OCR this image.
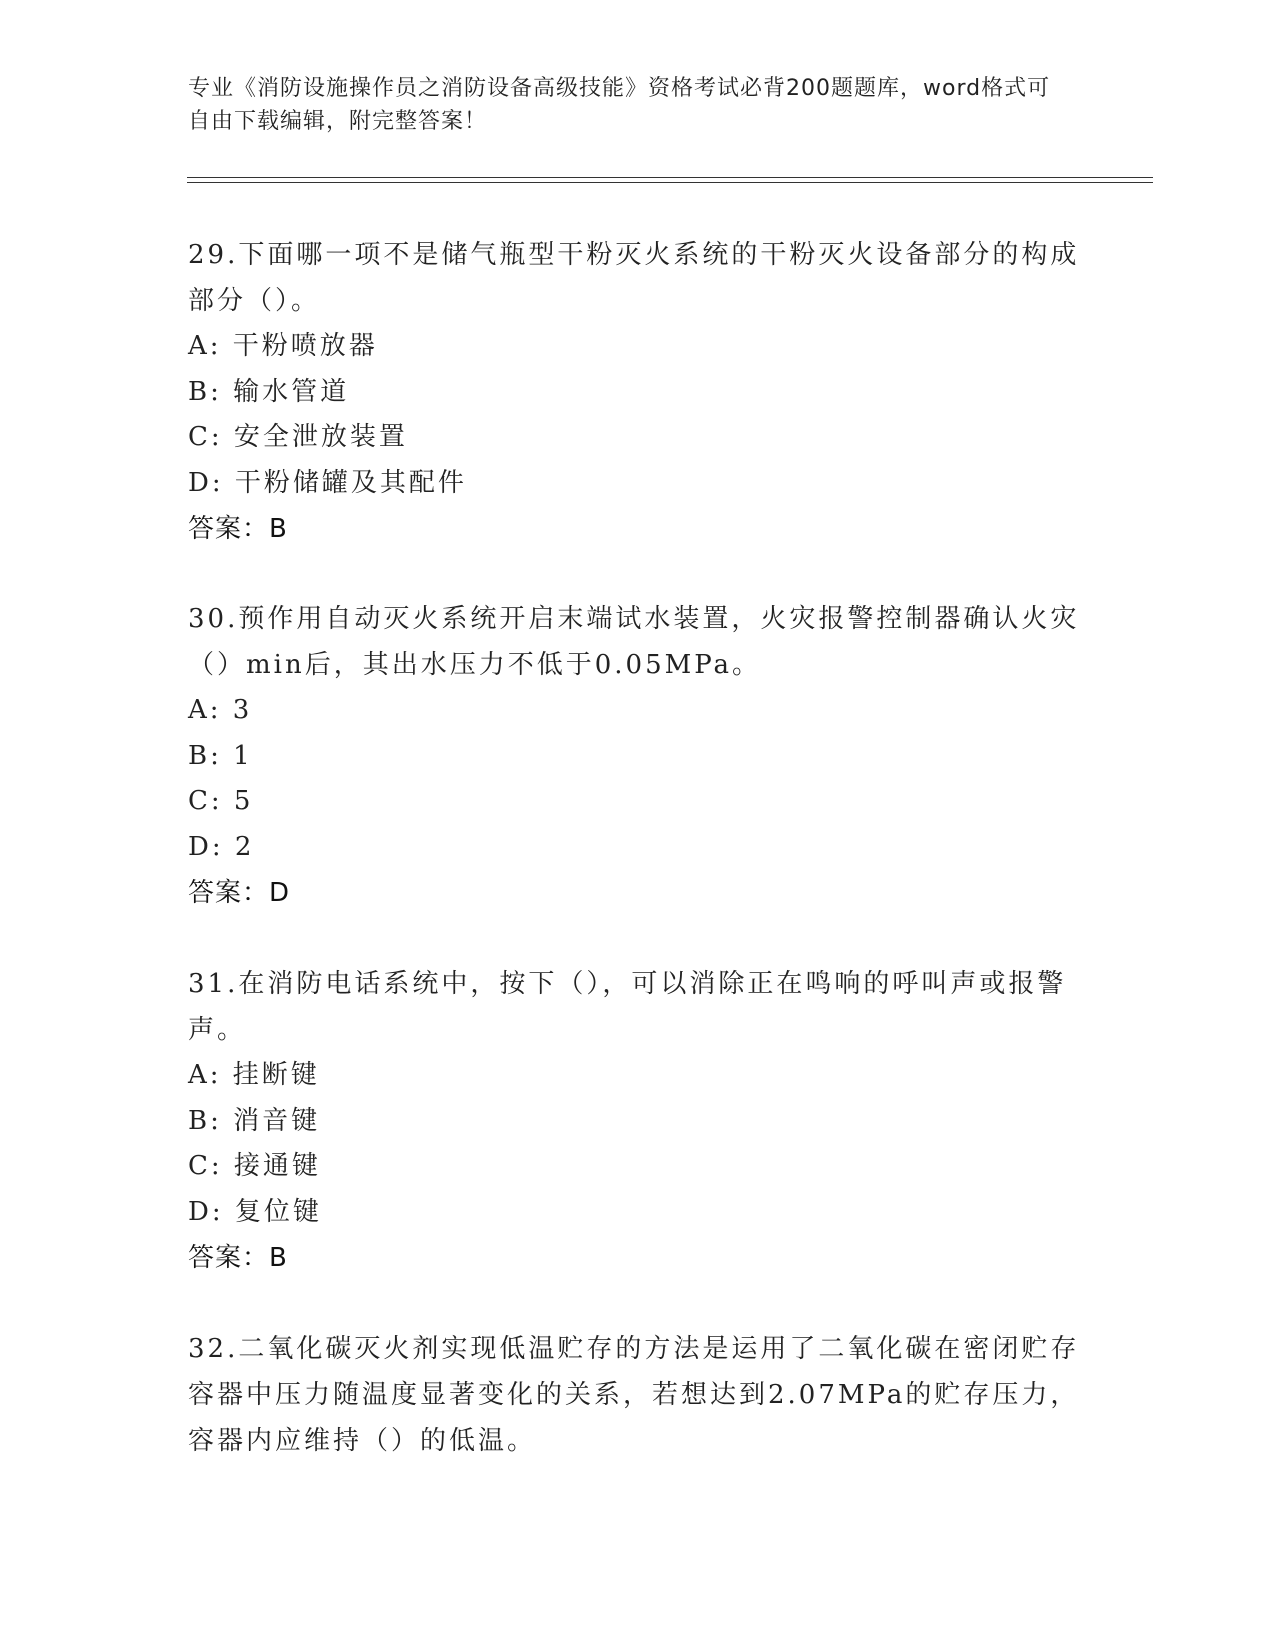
专业《消防设施操作员之消防设备高级技能》资格考试必背200题题库，word格式可自由下载编辑，附完整答案！

29.下面哪一项不是储气瓶型干粉灭火系统的干粉灭火设备部分的构成部分（）。

A: 干粉喷放器

B: 输水管道

C: 安全泄放装置

D: 干粉储罐及其配件

答案：B

30.预作用自动灭火系统开启末端试水装置，火灾报警控制器确认火灾（）min后，其出水压力不低于0.05MPa。

A: 3

B: 1

C: 5

D: 2

答案：D

31.在消防电话系统中，按下（），可以消除正在鸣响的呼叫声或报警声。

A: 挂断键

B: 消音键

C: 接通键

D: 复位键

答案：B

32.二氧化碳灭火剂实现低温贮存的方法是运用了二氧化碳在密闭贮存容器中压力随温度显著变化的关系，若想达到2.07MPa的贮存压力，容器内应维持（）的低温。
